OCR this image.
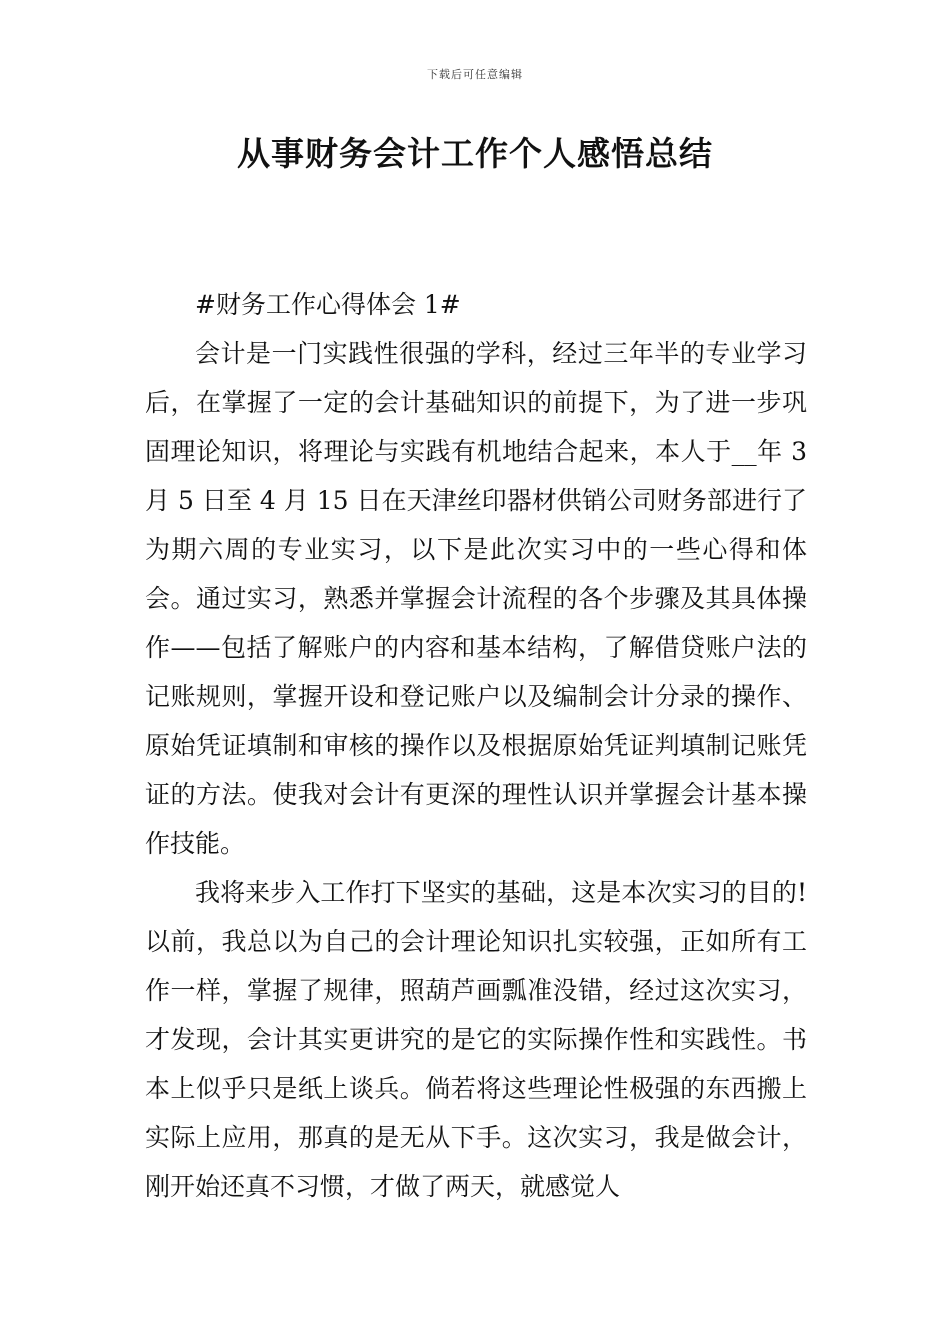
下载后可任意编辑
从事财务会计工作个人感悟总结

#财务工作心得体会 1#

会计是一门实践性很强的学科，经过三年半的专业学习后，在掌握了一定的会计基础知识的前提下，为了进一步巩固理论知识，将理论与实践有机地结合起来，本人于__年 3 月 5 日至 4 月 15 日在天津丝印器材供销公司财务部进行了为期六周的专业实习，以下是此次实习中的一些心得和体会。通过实习，熟悉并掌握会计流程的各个步骤及其具体操作——包括了解账户的内容和基本结构，了解借贷账户法的记账规则，掌握开设和登记账户以及编制会计分录的操作、原始凭证填制和审核的操作以及根据原始凭证判填制记账凭证的方法。使我对会计有更深的理性认识并掌握会计基本操作技能。

我将来步入工作打下坚实的基础，这是本次实习的目的!以前，我总以为自己的会计理论知识扎实较强，正如所有工作一样，掌握了规律，照葫芦画瓢准没错，经过这次实习，才发现，会计其实更讲究的是它的实际操作性和实践性。书本上似乎只是纸上谈兵。倘若将这些理论性极强的东西搬上实际上应用，那真的是无从下手。这次实习，我是做会计，刚开始还真不习惯，才做了两天，就感觉人
